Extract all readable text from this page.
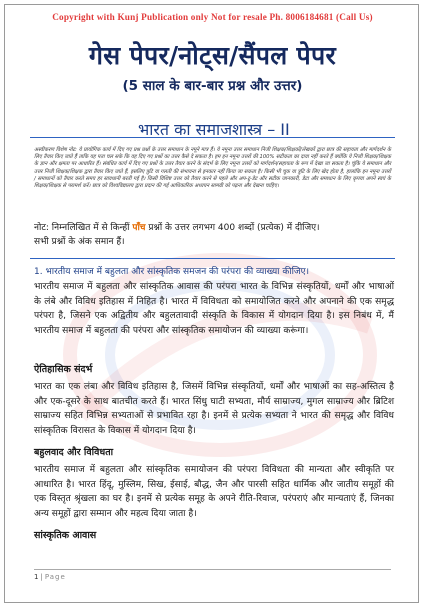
Copyright with Kunj Publication only Not for resale Ph. 8006184681 (Call Us)
गेस पेपर/नोट्स/सैंपल पेपर
(5 साल के बार-बार प्रश्न और उत्तर)
भारत का समाजशास्त्र – II
अस्वीकरण विशेष नोट: ये प्रायोगिक कार्य में दिए गए प्रश्न प्रश्नों के उत्तर समाधान के नमूने मात्र हैं। ये नमूना उत्तर समाधान निजी शिक्षक/शिक्षकों/लेखकों द्वारा छात्र की सहायता और मार्गदर्शन के लिए तैयार किए जाते हैं ताकि यह पता चल सके कि वह दिए गए प्रश्नों का उत्तर कैसे दे सकता है। हम इन नमूना उत्तरों की 100% सटीकता का दावा नहीं करते हैं क्योंकि ये निजी शिक्षक/शिक्षक के ज्ञान और क्षमता पर आधारित हैं। संबंधित कार्य में दिए गए प्रश्नों के उत्तर तैयार करने के संदर्भ के लिए नमूना उत्तरों को मार्गदर्शन/सहायता के रूप में देखा जा सकता है। चूंकि ये समाधान और उत्तर निजी शिक्षक/शिक्षक द्वारा तैयार किए जाते हैं, इसलिए त्रुटि या गलती की संभावना से इनकार नहीं किया जा सकता है। किसी भी चूक या त्रुटि के लिए खेद होता है, हालांकि इन नमूना उत्तरों / समाधानों को तैयार करते समय हर सावधानी बरती गई है। किसी विशिष्ट उत्तर को तैयार करने से पहले और अप-टू-डेट और सटीक जानकारी, डेटा और समाधान के लिए कृपया अपने स्वयं के शिक्षक/शिक्षक से परामर्श करें। छात्र को विश्वविद्यालय द्वारा प्रदान की गई आधिकारिक अध्ययन सामग्री को पढ़ना और देखना चाहिए।
नोट: निम्नलिखित में से किन्हीं पाँच प्रश्नों के उत्तर लगभग 400 शब्दों (प्रत्येक) में दीजिए।
सभी प्रश्नों के अंक समान हैं।
1. भारतीय समाज में बहुलता और सांस्कृतिक समजन की परंपरा की व्याख्या कीजिए।
भारतीय समाज में बहुलता और सांस्कृतिक आवास की परंपरा भारत के विभिन्न संस्कृतियों, धर्मों और भाषाओं के लंबे और विविध इतिहास में निहित है। भारत में विविधता को समायोजित करने और अपनाने की एक समृद्ध परंपरा है, जिसने एक अद्वितीय और बहुलतावादी संस्कृति के विकास में योगदान दिया है। इस निबंध में, मैं भारतीय समाज में बहुलता की परंपरा और सांस्कृतिक समायोजन की व्याख्या करूंगा।
ऐतिहासिक संदर्भ
भारत का एक लंबा और विविध इतिहास है, जिसमें विभिन्न संस्कृतियों, धर्मों और भाषाओं का सह-अस्तित्व है और एक-दूसरे के साथ बातचीत करते हैं। भारत सिंधु घाटी सभ्यता, मौर्य साम्राज्य, मुगल साम्राज्य और ब्रिटिश साम्राज्य सहित विभिन्न सभ्यताओं से प्रभावित रहा है। इनमें से प्रत्येक सभ्यता ने भारत की समृद्ध और विविध सांस्कृतिक विरासत के विकास में योगदान दिया है।
बहुलवाद और विविधता
भारतीय समाज में बहुलता और सांस्कृतिक समायोजन की परंपरा विविधता की मान्यता और स्वीकृति पर आधारित है। भारत हिंदू, मुस्लिम, सिख, ईसाई, बौद्ध, जैन और पारसी सहित धार्मिक और जातीय समूहों की एक विस्तृत श्रृंखला का घर है। इनमें से प्रत्येक समूह के अपने रीति-रिवाज, परंपराएं और मान्यताएं हैं, जिनका अन्य समूहों द्वारा सम्मान और महत्व दिया जाता है।
सांस्कृतिक आवास
1 | Page
